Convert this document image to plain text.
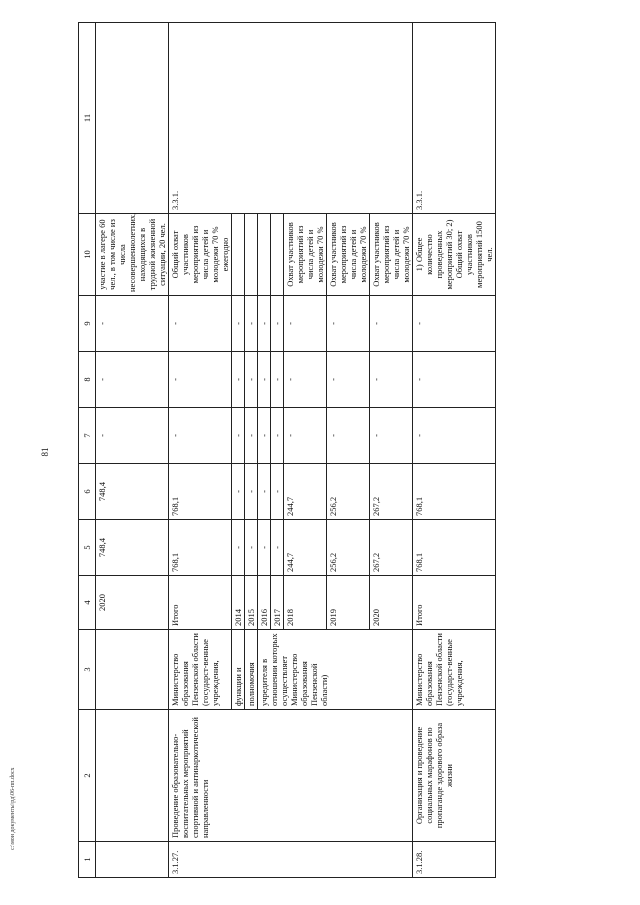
81
c:\мои документы\рд\06-пп.docx
1	2	3	4	5	6	7	8	9	10	11
			2020	748,4	748,4	-	-	-	участие в лагере 60 чел., в том числе из числа несовершеннолетних, находящихся в трудной жизненной ситуации, 20 чел.	
3.1.27.	Проведение образовательно-воспитательных мероприятий спортивной и антинаркотической направленности	Министерство образования Пензенской области (государст-венные учреждения,	Итого	768,1	768,1	-	-	-	Общий охват участников мероприятий из числа детей и молодежи 70 % ежегодно	3.3.1.
		функции и	2014	-	-	-	-	-		
		полномочия	2015	-	-	-	-	-		
		учредителя в отношении которых осуществляет Министерство образования Пензенской области)	2016	-	-	-	-	-		
			2017	-	-	-	-	-		
			2018	244,7	244,7	-	-	-	Охват участников мероприятий из числа детей и молодежи 70 %	
			2019	256,2	256,2	-	-	-	Охват участников мероприятий из числа детей и молодежи 70 %	
			2020	267,2	267,2	-	-	-	Охват участников мероприятий из числа детей и молодежи 70 %	
3.1.28.	Организация и проведение социальных марафонов по пропаганде здорового образа жизни	Министерство образования Пензенской области (государст-венные учреждения,	Итого	768,1	768,1	-	-	-	1) Общее количество проведенных мероприятий 30; 2) Общий охват участников мероприятий 1500 чел.	3.3.1.
